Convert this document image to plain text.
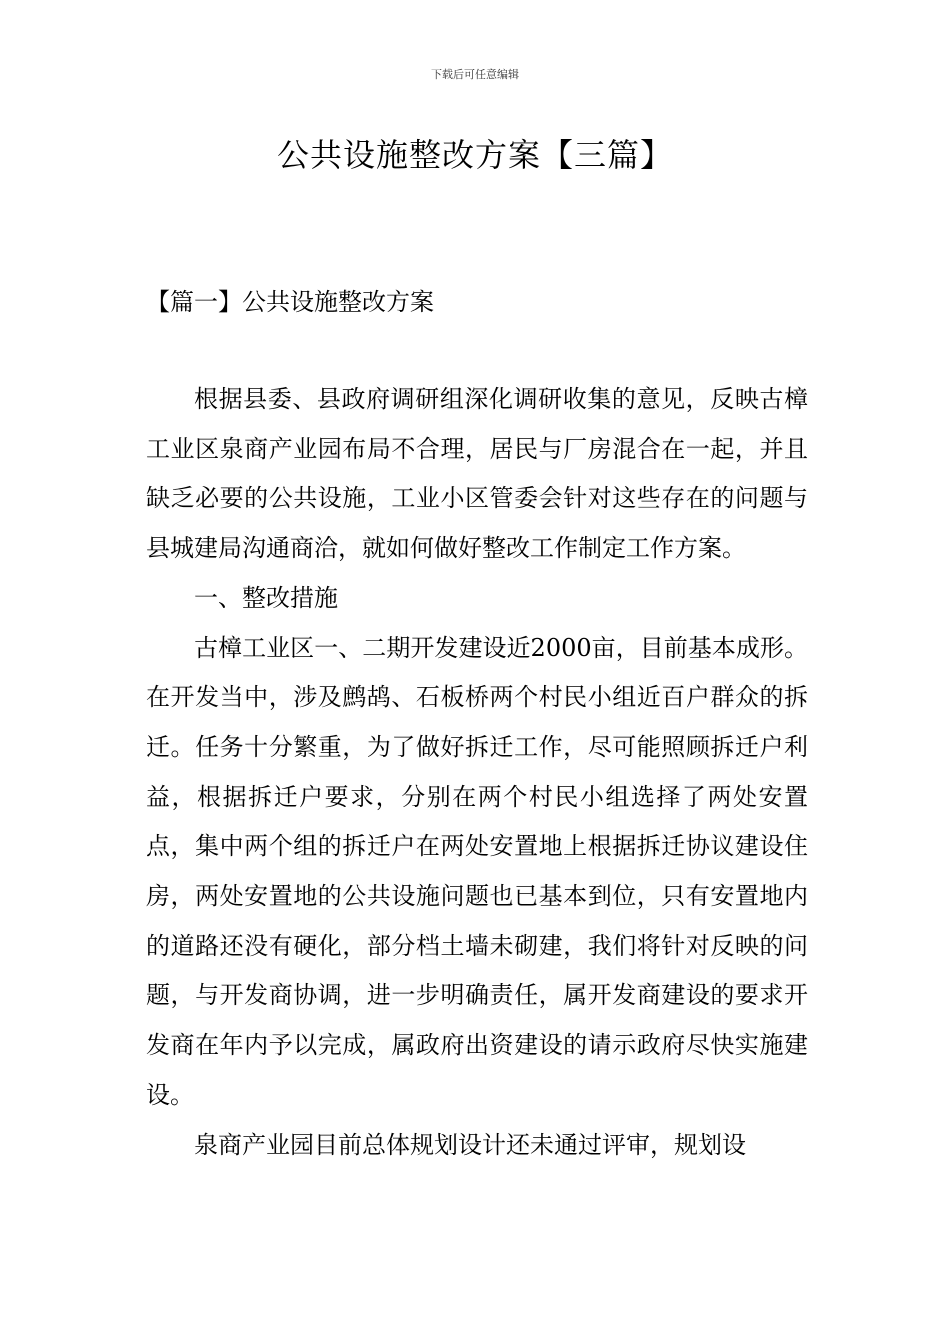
下载后可任意编辑
公共设施整改方案【三篇】
【篇一】公共设施整改方案

根据县委、县政府调研组深化调研收集的意见，反映古樟工业区泉商产业园布局不合理，居民与厂房混合在一起，并且缺乏必要的公共设施，工业小区管委会针对这些存在的问题与县城建局沟通商洽，就如何做好整改工作制定工作方案。

一、整改措施

古樟工业区一、二期开发建设近2000亩，目前基本成形。在开发当中，涉及鹧鸪、石板桥两个村民小组近百户群众的拆迁。任务十分繁重，为了做好拆迁工作，尽可能照顾拆迁户利益，根据拆迁户要求，分别在两个村民小组选择了两处安置点，集中两个组的拆迁户在两处安置地上根据拆迁协议建设住房，两处安置地的公共设施问题也已基本到位，只有安置地内的道路还没有硬化，部分档土墙未砌建，我们将针对反映的问题，与开发商协调，进一步明确责任，属开发商建设的要求开发商在年内予以完成，属政府出资建设的请示政府尽快实施建设。

泉商产业园目前总体规划设计还未通过评审，规划设
